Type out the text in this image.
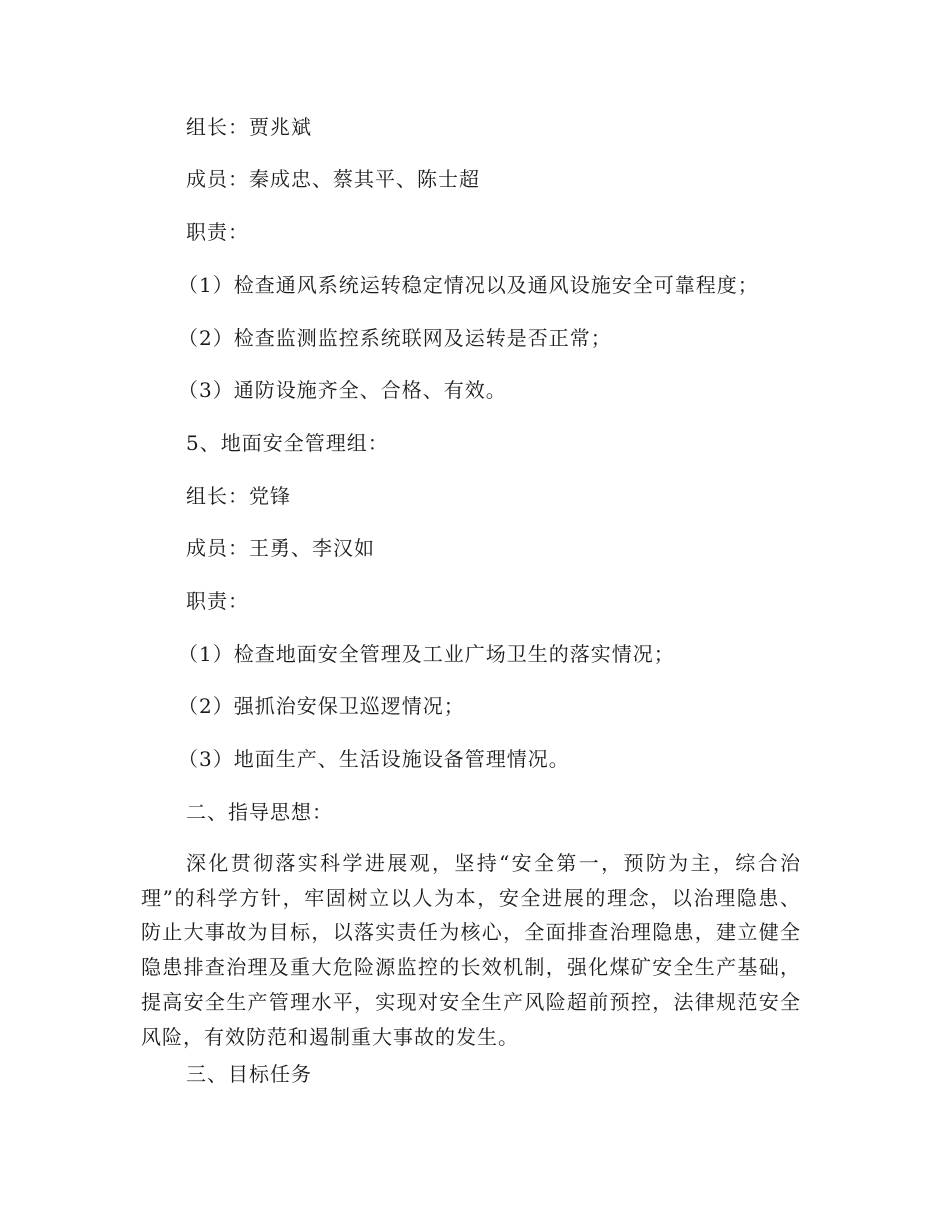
组长：贾兆斌
成员：秦成忠、蔡其平、陈士超
职责：
（1）检查通风系统运转稳定情况以及通风设施安全可靠程度；
（2）检查监测监控系统联网及运转是否正常；
（3）通防设施齐全、合格、有效。
5、地面安全管理组：
组长：党锋
成员：王勇、李汉如
职责：
（1）检查地面安全管理及工业广场卫生的落实情况；
（2）强抓治安保卫巡逻情况；
（3）地面生产、生活设施设备管理情况。
二、指导思想：

深化贯彻落实科学进展观，坚持“安全第一，预防为主，综合治理”的科学方针，牢固树立以人为本，安全进展的理念，以治理隐患、防止大事故为目标，以落实责任为核心，全面排查治理隐患，建立健全隐患排查治理及重大危险源监控的长效机制，强化煤矿安全生产基础，提高安全生产管理水平，实现对安全生产风险超前预控，法律规范安全风险，有效防范和遏制重大事故的发生。

三、目标任务
